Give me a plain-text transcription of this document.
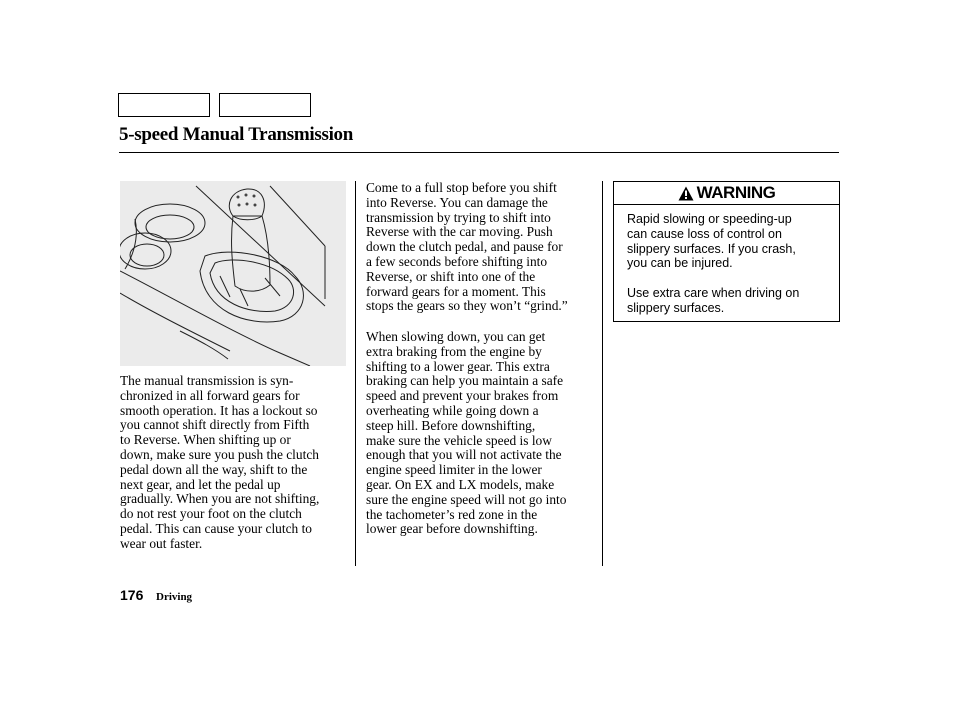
5-speed Manual Transmission
The manual transmission is syn-
chronized in all forward gears for
smooth operation. It has a lockout so
you cannot shift directly from Fifth
to Reverse. When shifting up or
down, make sure you push the clutch
pedal down all the way, shift to the
next gear, and let the pedal up
gradually. When you are not shifting,
do not rest your foot on the clutch
pedal. This can cause your clutch to
wear out faster.
Come to a full stop before you shift
into Reverse. You can damage the
transmission by trying to shift into
Reverse with the car moving. Push
down the clutch pedal, and pause for
a few seconds before shifting into
Reverse, or shift into one of the
forward gears for a moment. This
stops the gears so they won’t “grind.”
When slowing down, you can get
extra braking from the engine by
shifting to a lower gear. This extra
braking can help you maintain a safe
speed and prevent your brakes from
overheating while going down a
steep hill. Before downshifting,
make sure the vehicle speed is low
enough that you will not activate the
engine speed limiter in the lower
gear. On EX and LX models, make
sure the engine speed will not go into
the tachometer’s red zone in the
lower gear before downshifting.
WARNING

Rapid slowing or speeding-up
can cause loss of control on
slippery surfaces. If you crash,
you can be injured.

Use extra care when driving on
slippery surfaces.

176 Driving
